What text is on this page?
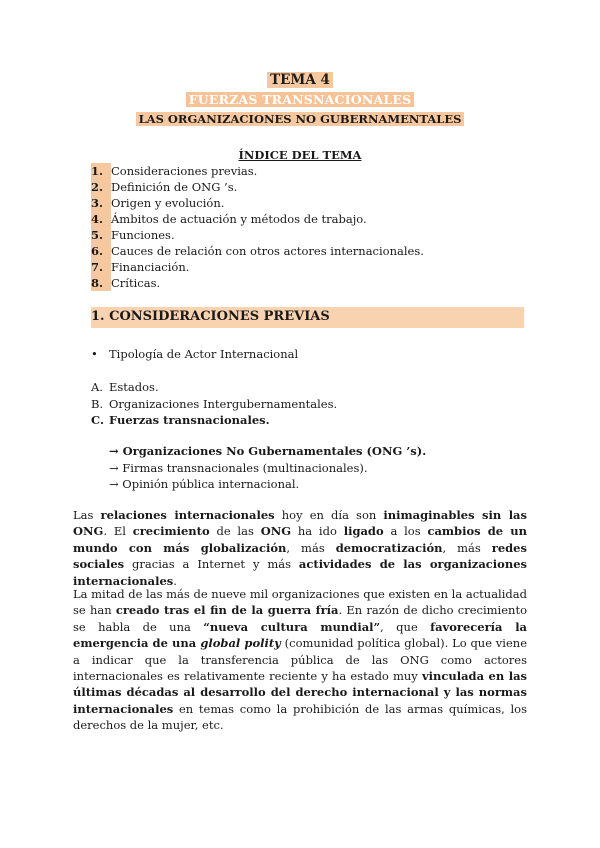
TEMA 4
FUERZAS TRANSNACIONALES
LAS ORGANIZACIONES NO GUBERNAMENTALES
ÍNDICE DEL TEMA
1. Consideraciones previas.
2. Definición de ONG ’s.
3. Origen y evolución.
4. Ámbitos de actuación y métodos de trabajo.
5. Funciones.
6. Cauces de relación con otros actores internacionales.
7. Financiación.
8. Críticas.
1. CONSIDERACIONES PREVIAS
• Tipología de Actor Internacional
A. Estados.
B. Organizaciones Intergubernamentales.
C. Fuerzas transnacionales.
→ Organizaciones No Gubernamentales (ONG ’s).
→ Firmas transnacionales (multinacionales).
→ Opinión pública internacional.

Las relaciones internacionales hoy en día son inimaginables sin las ONG. El crecimiento de las ONG ha ido ligado a los cambios de un mundo con más globalización, más democratización, más redes sociales gracias a Internet y más actividades de las organizaciones internacionales.

La mitad de las más de nueve mil organizaciones que existen en la actualidad se han creado tras el fin de la guerra fría. En razón de dicho crecimiento se habla de una “nueva cultura mundial”, que favorecería la emergencia de una global polity (comunidad política global). Lo que viene a indicar que la transferencia pública de las ONG como actores internacionales es relativamente reciente y ha estado muy vinculada en las últimas décadas al desarrollo del derecho internacional y las normas internacionales en temas como la prohibición de las armas químicas, los derechos de la mujer, etc.
